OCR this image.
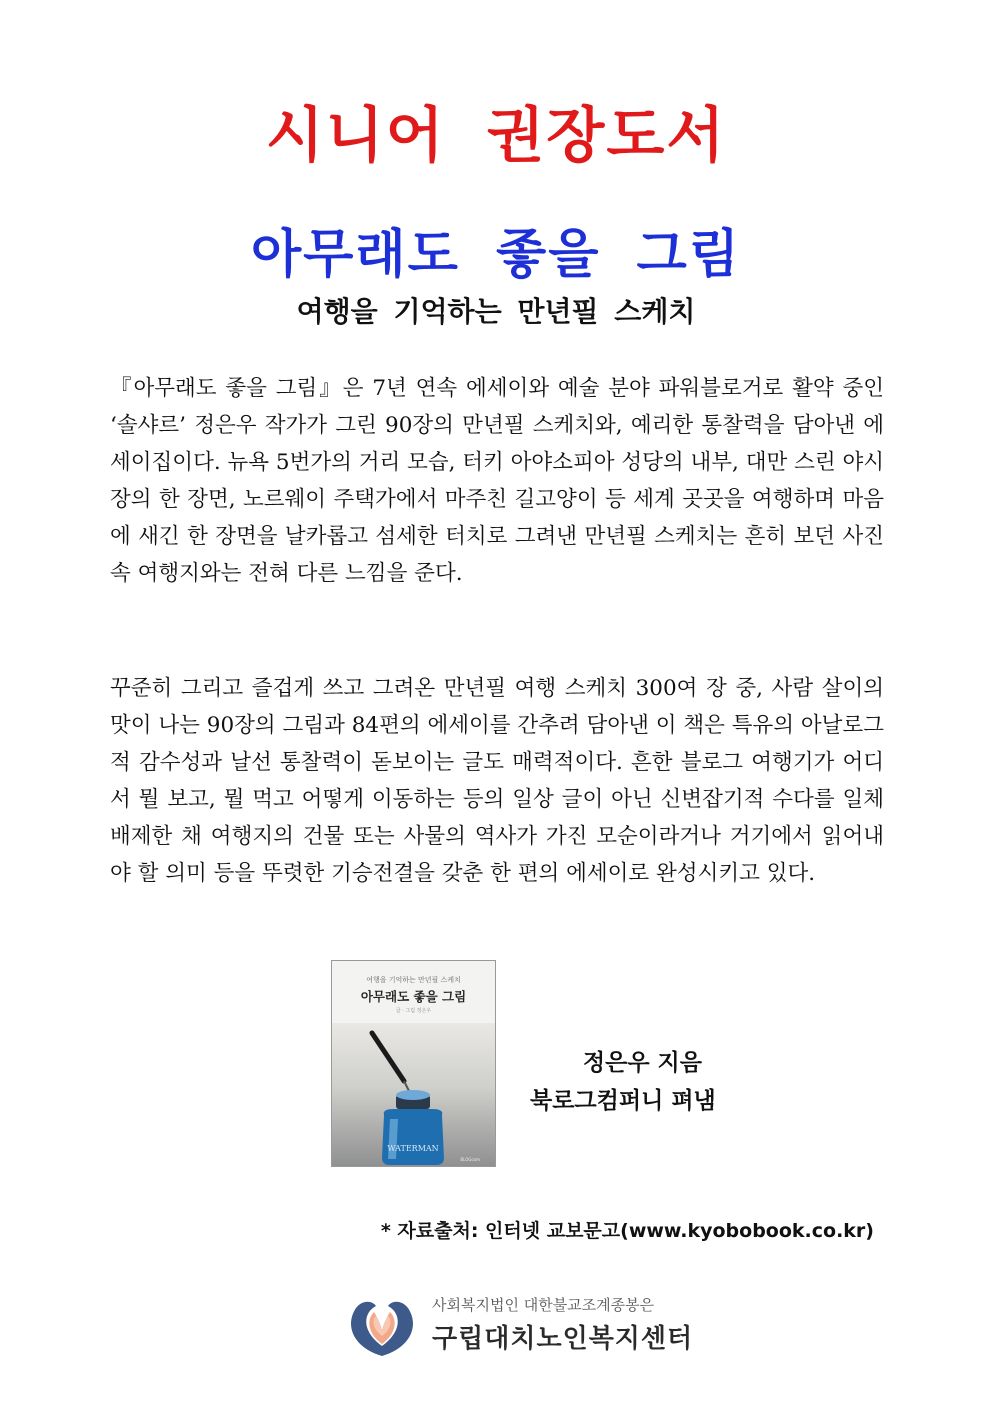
시니어 권장도서
아무래도 좋을 그림
여행을 기억하는 만년필 스케치
『아무래도 좋을 그림』은 7년 연속 에세이와 예술 분야 파워블로거로 활약 중인 ‘솔샤르’ 정은우 작가가 그린 90장의 만년필 스케치와, 예리한 통찰력을 담아낸 에세이집이다. 뉴욕 5번가의 거리 모습, 터키 아야소피아 성당의 내부, 대만 스린 야시장의 한 장면, 노르웨이 주택가에서 마주친 길고양이 등 세계 곳곳을 여행하며 마음에 새긴 한 장면을 날카롭고 섬세한 터치로 그려낸 만년필 스케치는 흔히 보던 사진 속 여행지와는 전혀 다른 느낌을 준다.
꾸준히 그리고 즐겁게 쓰고 그려온 만년필 여행 스케치 300여 장 중, 사람 살이의 맛이 나는 90장의 그림과 84편의 에세이를 간추려 담아낸 이 책은 특유의 아날로그적 감수성과 날선 통찰력이 돋보이는 글도 매력적이다. 흔한 블로그 여행기가 어디서 뭘 보고, 뭘 먹고 어떻게 이동하는 등의 일상 글이 아닌 신변잡기적 수다를 일체 배제한 채 여행지의 건물 또는 사물의 역사가 가진 모순이라거나 거기에서 읽어내야 할 의미 등을 뚜렷한 기승전결을 갖춘 한 편의 에세이로 완성시키고 있다.
여행을 기억하는 만년필 스케치
아무래도 좋을 그림
글 · 그림 정은우
WATERMAN
BLOGcom
정은우 지음
북로그컴퍼니 펴냄
* 자료출처: 인터넷 교보문고(www.kyobobook.co.kr)
사회복지법인 대한불교조계종봉은
구립대치노인복지센터
